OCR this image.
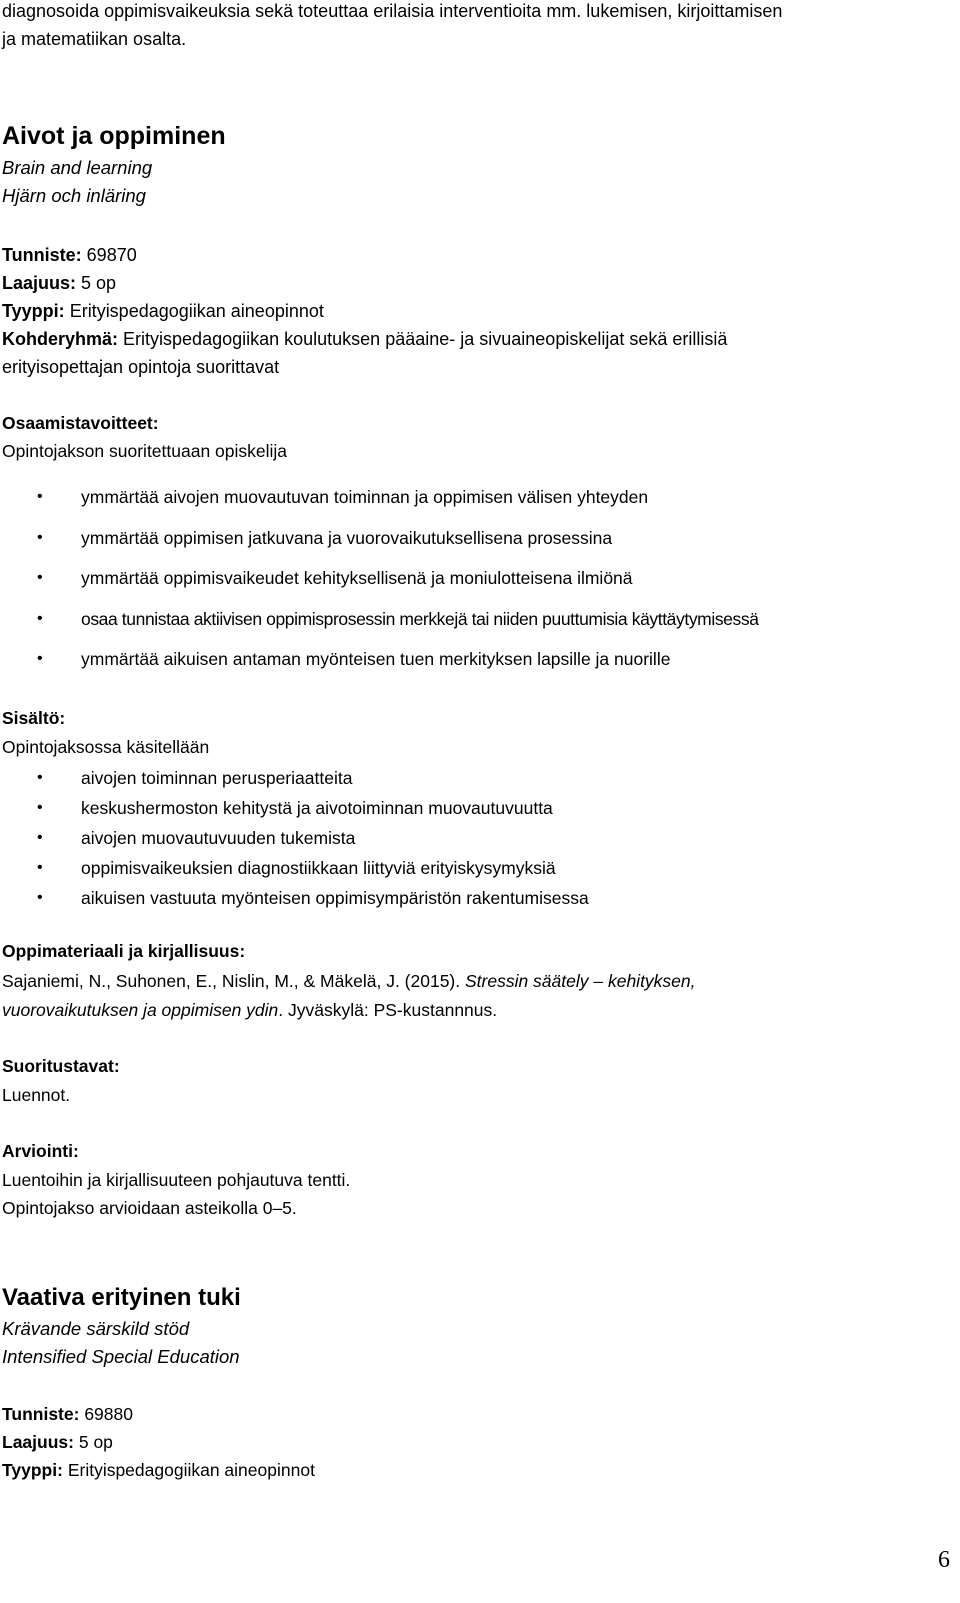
diagnosoida oppimisvaikeuksia sekä toteuttaa erilaisia interventioita mm. lukemisen, kirjoittamisen
ja matematiikan osalta.
Aivot ja oppiminen
Brain and learning
Hjärn och inläring
Tunniste: 69870
Laajuus: 5 op
Tyyppi: Erityispedagogiikan aineopinnot
Kohderyhmä: Erityispedagogiikan koulutuksen pääaine- ja sivuaineopiskelijat sekä erillisiä
erityisopettajan opintoja suorittavat
Osaamistavoitteet:
Opintojakson suoritettuaan opiskelija
• ymmärtää aivojen muovautuvan toiminnan ja oppimisen välisen yhteyden
• ymmärtää oppimisen jatkuvana ja vuorovaikutuksellisena prosessina
• ymmärtää oppimisvaikeudet kehityksellisenä ja moniulotteisena ilmiönä
• osaa tunnistaa aktiivisen oppimisprosessin merkkejä tai niiden puuttumisia käyttäytymisessä
• ymmärtää aikuisen antaman myönteisen tuen merkityksen lapsille ja nuorille
Sisältö:
Opintojaksossa käsitellään
• aivojen toiminnan perusperiaatteita
• keskushermoston kehitystä ja aivotoiminnan muovautuvuutta
• aivojen muovautuvuuden tukemista
• oppimisvaikeuksien diagnostiikkaan liittyviä erityiskysymyksiä
• aikuisen vastuuta myönteisen oppimisympäristön rakentumisessa
Oppimateriaali ja kirjallisuus:
Sajaniemi, N., Suhonen, E., Nislin, M., & Mäkelä, J. (2015). Stressin säätely – kehityksen,
vuorovaikutuksen ja oppimisen ydin. Jyväskylä: PS-kustannnus.
Suoritustavat:
Luennot.
Arviointi:
Luentoihin ja kirjallisuuteen pohjautuva tentti.
Opintojakso arvioidaan asteikolla 0–5.
Vaativa erityinen tuki
Krävande särskild stöd
Intensified Special Education
Tunniste: 69880
Laajuus: 5 op
Tyyppi: Erityispedagogiikan aineopinnot
6
